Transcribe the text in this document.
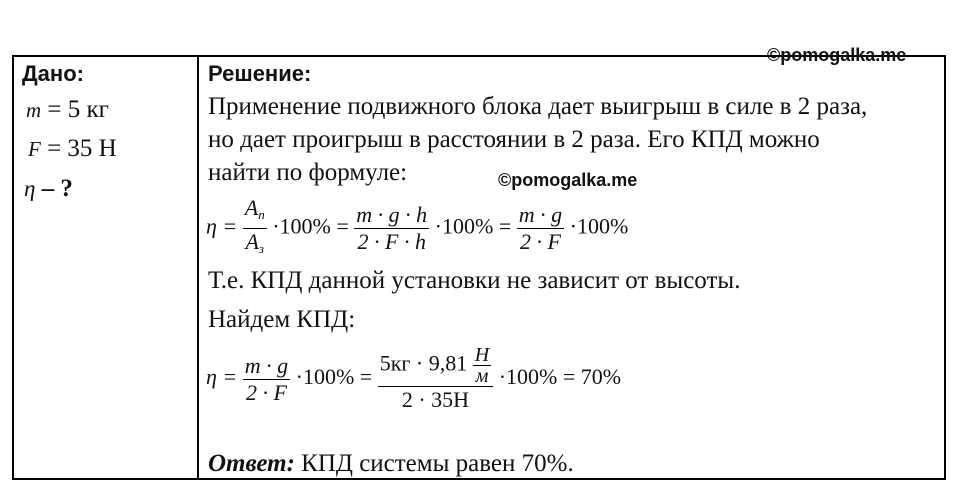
©pomogalka.me
Дано:
m = 5 кг
F = 35 Н
η – ?
Решение:
Применение подвижного блока дает выигрыш в силе в 2 раза,
но дает проигрыш в расстоянии в 2 раза. Его КПД можно
найти по формуле:	©pomogalka.me
$\eta = \frac{A_п}{A_з} \cdot 100\% = \frac{m \cdot g \cdot h}{2 \cdot F \cdot h} \cdot 100\% = \frac{m \cdot g}{2 \cdot F} \cdot 100\%$
Т.е. КПД данной установки не зависит от высоты.
Найдем КПД:
$\eta = \frac{m \cdot g}{2 \cdot F} \cdot 100\% = \frac{5кг \cdot 9,81 \frac{Н}{м}}{2 \cdot 35Н} \cdot 100\% = 70\%$
Ответ: КПД системы равен 70%.
